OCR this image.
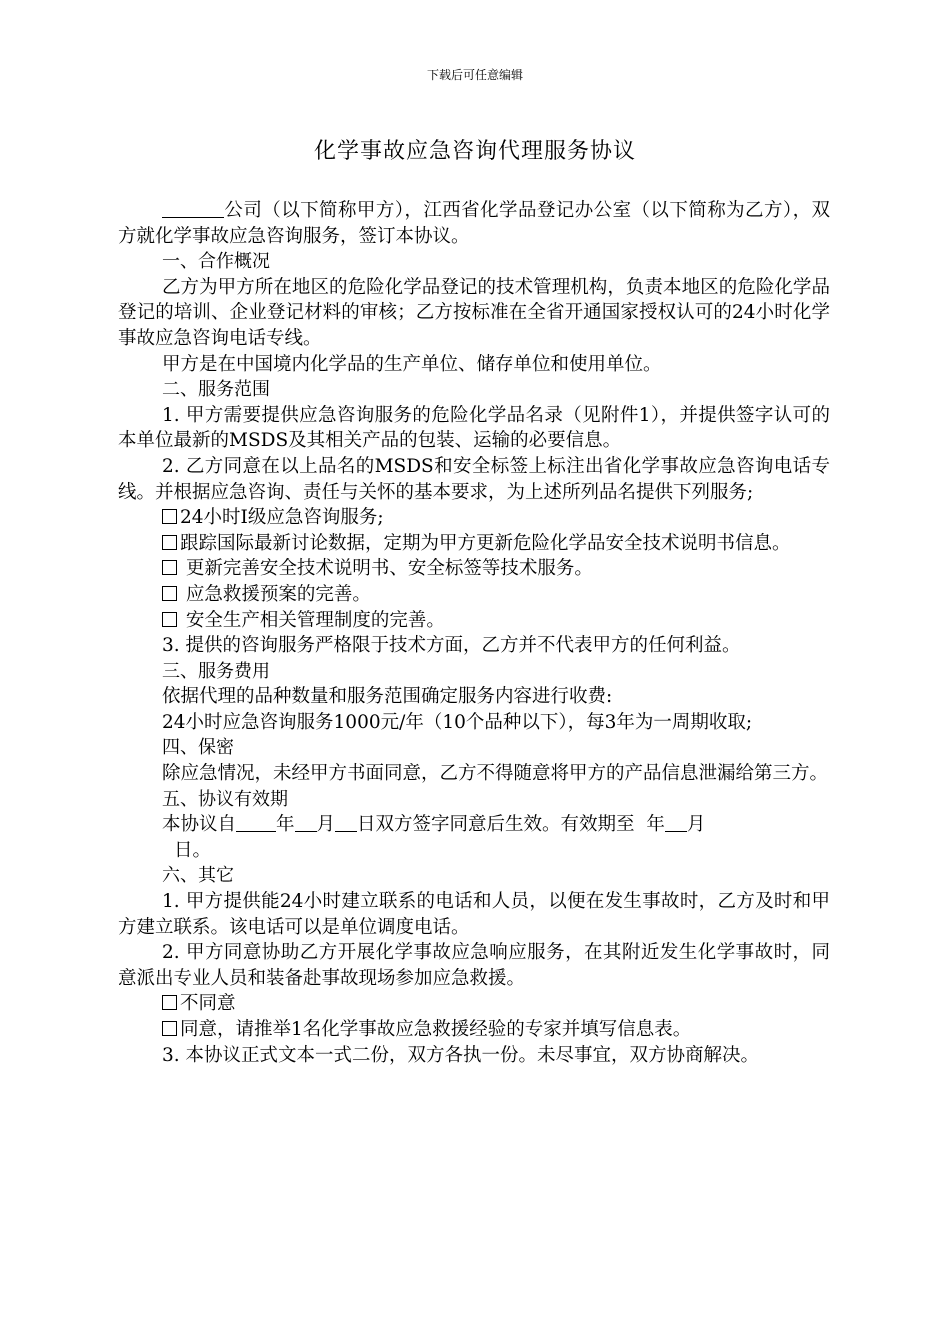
下载后可任意编辑
化学事故应急咨询代理服务协议

公司（以下简称甲方），江西省化学品登记办公室（以下简称为乙方），双方就化学事故应急咨询服务，签订本协议。

一、合作概况

乙方为甲方所在地区的危险化学品登记的技术管理机构，负责本地区的危险化学品登记的培训、企业登记材料的审核；乙方按标准在全省开通国家授权认可的24小时化学事故应急咨询电话专线。

甲方是在中国境内化学品的生产单位、储存单位和使用单位。

二、服务范围

1. 甲方需要提供应急咨询服务的危险化学品名录（见附件1），并提供签字认可的本单位最新的MSDS及其相关产品的包装、运输的必要信息。

2. 乙方同意在以上品名的MSDS和安全标签上标注出省化学事故应急咨询电话专线。并根据应急咨询、责任与关怀的基本要求，为上述所列品名提供下列服务;

24小时Ⅰ级应急咨询服务;

跟踪国际最新讨论数据，定期为甲方更新危险化学品安全技术说明书信息。

更新完善安全技术说明书、安全标签等技术服务。

应急救援预案的完善。

安全生产相关管理制度的完善。

3. 提供的咨询服务严格限于技术方面，乙方并不代表甲方的任何利益。

三、服务费用

依据代理的品种数量和服务范围确定服务内容进行收费:

24小时应急咨询服务1000元/年（10个品种以下），每3年为一周期收取;

四、保密

除应急情况，未经甲方书面同意，乙方不得随意将甲方的产品信息泄漏给第三方。

五、协议有效期

本协议自 年 月 日双方签字同意后生效。有效期至 年 月
日。

六、其它

1. 甲方提供能24小时建立联系的电话和人员，以便在发生事故时，乙方及时和甲方建立联系。该电话可以是单位调度电话。

2. 甲方同意协助乙方开展化学事故应急响应服务，在其附近发生化学事故时，同意派出专业人员和装备赴事故现场参加应急救援。

不同意

同意，请推举1名化学事故应急救援经验的专家并填写信息表。

3. 本协议正式文本一式二份，双方各执一份。未尽事宜，双方协商解决。
